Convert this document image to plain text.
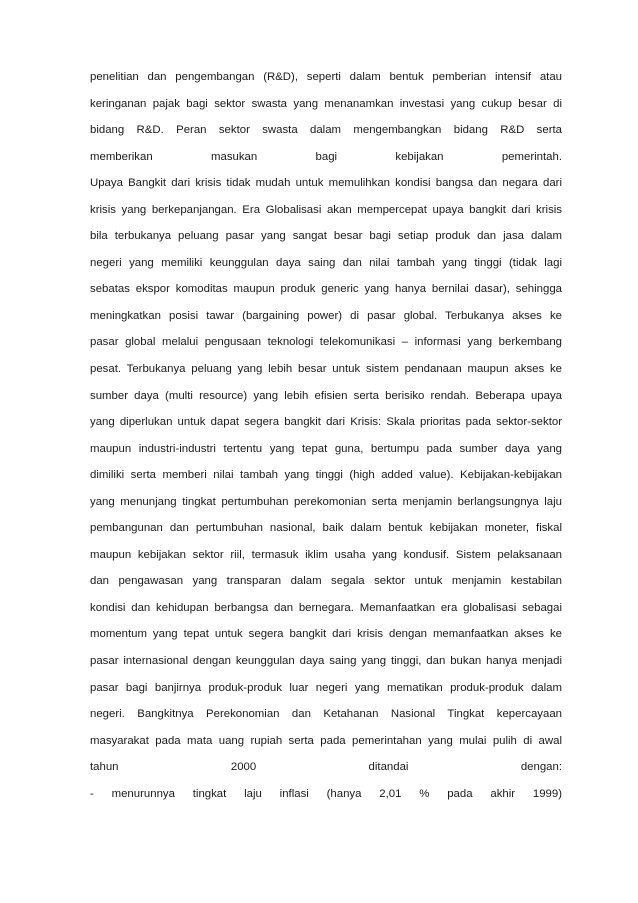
penelitian dan pengembangan (R&D), seperti dalam bentuk pemberian intensif atau
keringanan pajak bagi sektor swasta yang menanamkan investasi yang cukup besar di
bidang R&D. Peran sektor swasta dalam mengembangkan bidang R&D serta
memberikan masukan bagi kebijakan pemerintah.
Upaya Bangkit dari krisis tidak mudah untuk memulihkan kondisi bangsa dan negara dari
krisis yang berkepanjangan. Era Globalisasi akan mempercepat upaya bangkit dari krisis
bila terbukanya peluang pasar yang sangat besar bagi setiap produk dan jasa dalam
negeri yang memiliki keunggulan daya saing dan nilai tambah yang tinggi (tidak lagi
sebatas ekspor komoditas maupun produk generic yang hanya bernilai dasar), sehingga
meningkatkan posisi tawar (bargaining power) di pasar global. Terbukanya akses ke
pasar global melalui pengusaan teknologi telekomunikasi – informasi yang berkembang
pesat. Terbukanya peluang yang lebih besar untuk sistem pendanaan maupun akses ke
sumber daya (multi resource) yang lebih efisien serta berisiko rendah. Beberapa upaya
yang diperlukan untuk dapat segera bangkit dari Krisis: Skala prioritas pada sektor-sektor
maupun industri-industri tertentu yang tepat guna, bertumpu pada sumber daya yang
dimiliki serta memberi nilai tambah yang tinggi (high added value). Kebijakan-kebijakan
yang menunjang tingkat pertumbuhan perekomonian serta menjamin berlangsungnya laju
pembangunan dan pertumbuhan nasional, baik dalam bentuk kebijakan moneter, fiskal
maupun kebijakan sektor riil, termasuk iklim usaha yang kondusif. Sistem pelaksanaan
dan pengawasan yang transparan dalam segala sektor untuk menjamin kestabilan
kondisi dan kehidupan berbangsa dan bernegara. Memanfaatkan era globalisasi sebagai
momentum yang tepat untuk segera bangkit dari krisis dengan memanfaatkan akses ke
pasar internasional dengan keunggulan daya saing yang tinggi, dan bukan hanya menjadi
pasar bagi banjirnya produk-produk luar negeri yang mematikan produk-produk dalam
negeri. Bangkitnya Perekonomian dan Ketahanan Nasional Tingkat kepercayaan
masyarakat pada mata uang rupiah serta pada pemerintahan yang mulai pulih di awal
tahun 2000 ditandai dengan:
- menurunnya tingkat laju inflasi (hanya 2,01 % pada akhir 1999)
